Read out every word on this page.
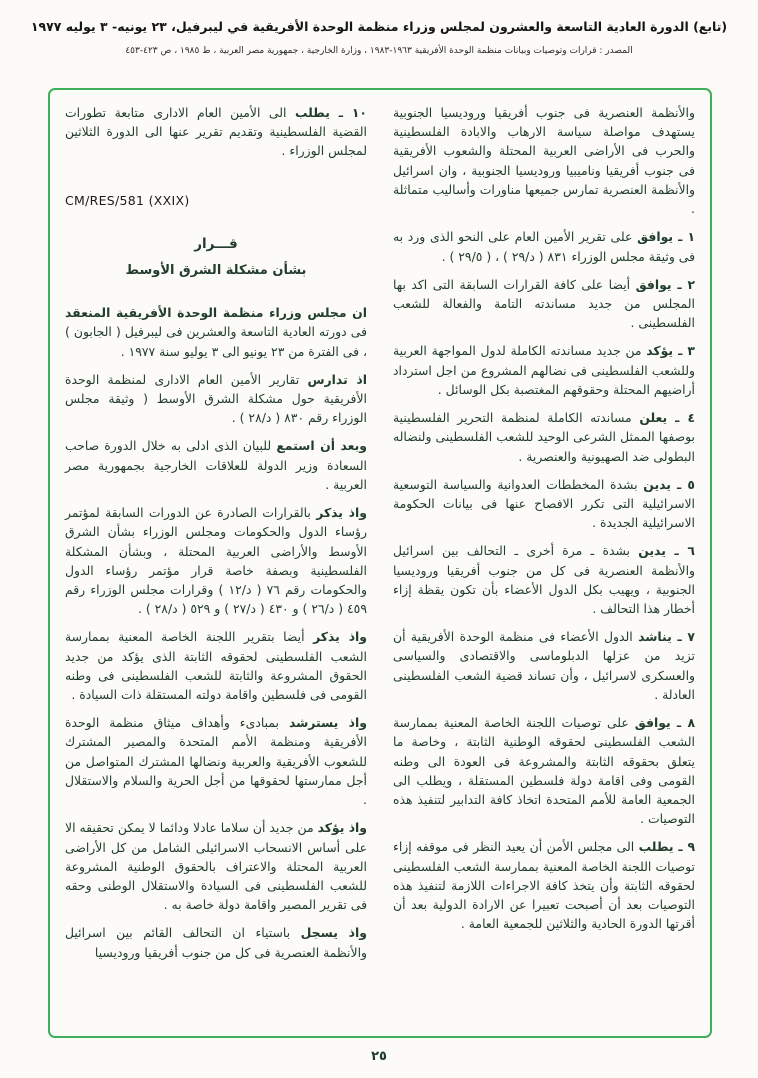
(تابع) الدورة العادية التاسعة والعشرون لمجلس وزراء منظمة الوحدة الأفريقية في ليبرفيل، ٢٣ يونيه- ٣ يوليه ١٩٧٧
المصدر : قرارات وتوصيات وبيانات منظمة الوحدة الأفريقية ١٩٦٣-١٩٨٣ ، وزارة الخارجية ، جمهورية مصر العربية ، ط ١٩٨٥ ، ص ٤٢٣-٤٥٣

١٠ ـ يطلب الى الأمين العام الادارى متابعة تطورات القضية الفلسطينية وتقديم تقرير عنها الى الدورة الثلاثين لمجلس الوزراء .

CM/RES/581 (XXIX)
قـــرار
بشأن مشكلة الشرق الأوسط

ان مجلس وزراء منظمة الوحدة الأفريقية المنعقد فى دورته العادية التاسعة والعشرين فى ليبرفيل ( الجابون ) ، فى الفترة من ٢٣ يونيو الى ٣ يوليو سنة ١٩٧٧ .

اذ تدارس تقارير الأمين العام الادارى لمنظمة الوحدة الأفريقية حول مشكلة الشرق الأوسط ( وثيقة مجلس الوزراء رقم ٨٣٠ ( د/٢٨ ) .

وبعد أن استمع للبيان الذى ادلى به خلال الدورة صاحب السعادة وزير الدولة للعلاقات الخارجية بجمهورية مصر العربية .

واذ يذكر بالقرارات الصادرة عن الدورات السابقة لمؤتمر رؤساء الدول والحكومات ومجلس الوزراء بشأن الشرق الأوسط والأراضى العربية المحتلة ، وبشأن المشكلة الفلسطينية وبصفة خاصة قرار مؤتمر رؤساء الدول والحكومات رقم ٧٦ ( د/١٢ ) وقرارات مجلس الوزراء رقم ٤٥٩ ( د/٢٦ ) و ٤٣٠ ( د/٢٧ ) و ٥٢٩ ( د/٢٨ ) .

واذ يذكر أيضا بتقرير اللجنة الخاصة المعنية بممارسة الشعب الفلسطينى لحقوقه الثابتة الذى يؤكد من جديد الحقوق المشروعة والثابتة للشعب الفلسطينى فى وطنه القومى فى فلسطين واقامة دولته المستقلة ذات السيادة .

واذ يسترشد بمبادىء وأهداف ميثاق منظمة الوحدة الأفريقية ومنظمة الأمم المتحدة والمصير المشترك للشعوب الأفريقية والعربية ونضالها المشترك المتواصل من أجل ممارستها لحقوقها من أجل الحرية والسلام والاستقلال .

واذ يؤكد من جديد أن سلاما عادلا ودائما لا يمكن تحقيقه الا على أساس الانسحاب الاسرائيلى الشامل من كل الأراضى العربية المحتلة والاعتراف بالحقوق الوطنية المشروعة للشعب الفلسطينى فى السيادة والاستقلال الوطنى وحقه فى تقرير المصير واقامة دولة خاصة به .

واذ يسجل باستياء ان التحالف القائم بين اسرائيل والأنظمة العنصرية فى كل من جنوب أفريقيا وروديسيا

والأنظمة العنصرية فى جنوب أفريقيا وروديسيا الجنوبية يستهدف مواصلة سياسة الارهاب والابادة الفلسطينية والحرب فى الأراضى العربية المحتلة والشعوب الأفريقية فى جنوب أفريقيا وناميبيا وروديسيا الجنوبية ، وان اسرائيل والأنظمة العنصرية تمارس جميعها مناورات وأساليب متماثلة .

١ ـ يوافق على تقرير الأمين العام على النحو الذى ورد به فى وثيقة مجلس الوزراء ٨٣١ ( د/٢٩ ) ، ( ٢٩/٥ ) .

٢ ـ يوافق أيضا على كافة القرارات السابقة التى اكد بها المجلس من جديد مساندته التامة والفعالة للشعب الفلسطينى .

٣ ـ يؤكد من جديد مساندته الكاملة لدول المواجهة العربية وللشعب الفلسطينى فى نضالهم المشروع من اجل استرداد أراضيهم المحتلة وحقوقهم المغتصبة بكل الوسائل .

٤ ـ يعلن مساندته الكاملة لمنظمة التحرير الفلسطينية بوصفها الممثل الشرعى الوحيد للشعب الفلسطينى ولنضاله البطولى ضد الصهيونية والعنصرية .

٥ ـ يدين بشدة المخططات العدوانية والسياسة التوسعية الاسرائيلية التى تكرر الافصاح عنها فى بيانات الحكومة الاسرائيلية الجديدة .

٦ ـ يدين بشدة ـ مرة أخرى ـ التحالف بين اسرائيل والأنظمة العنصرية فى كل من جنوب أفريقيا وروديسيا الجنوبية ، ويهيب بكل الدول الأعضاء بأن تكون يقظة إزاء أخطار هذا التحالف .

٧ ـ يناشد الدول الأعضاء فى منظمة الوحدة الأفريقية أن تزيد من عزلها الدبلوماسى والاقتصادى والسياسى والعسكرى لاسرائيل ، وأن تساند قضية الشعب الفلسطينى العادلة .

٨ ـ يوافق على توصيات اللجنة الخاصة المعنية بممارسة الشعب الفلسطينى لحقوقه الوطنية الثابتة ، وخاصة ما يتعلق بحقوقه الثابتة والمشروعة فى العودة الى وطنه القومى وفى اقامة دولة فلسطين المستقلة ، ويطلب الى الجمعية العامة للأمم المتحدة اتخاذ كافة التدابير لتنفيذ هذه التوصيات .

٩ ـ يطلب الى مجلس الأمن أن يعيد النظر فى موقفه إزاء توصيات اللجنة الخاصة المعنية بممارسة الشعب الفلسطينى لحقوقه الثابتة وأن يتخذ كافة الاجراءات اللازمة لتنفيذ هذه التوصيات بعد أن أصبحت تعبيرا عن الارادة الدولية بعد أن أقرتها الدورة الحادية والثلاثين للجمعية العامة .

٢٥
